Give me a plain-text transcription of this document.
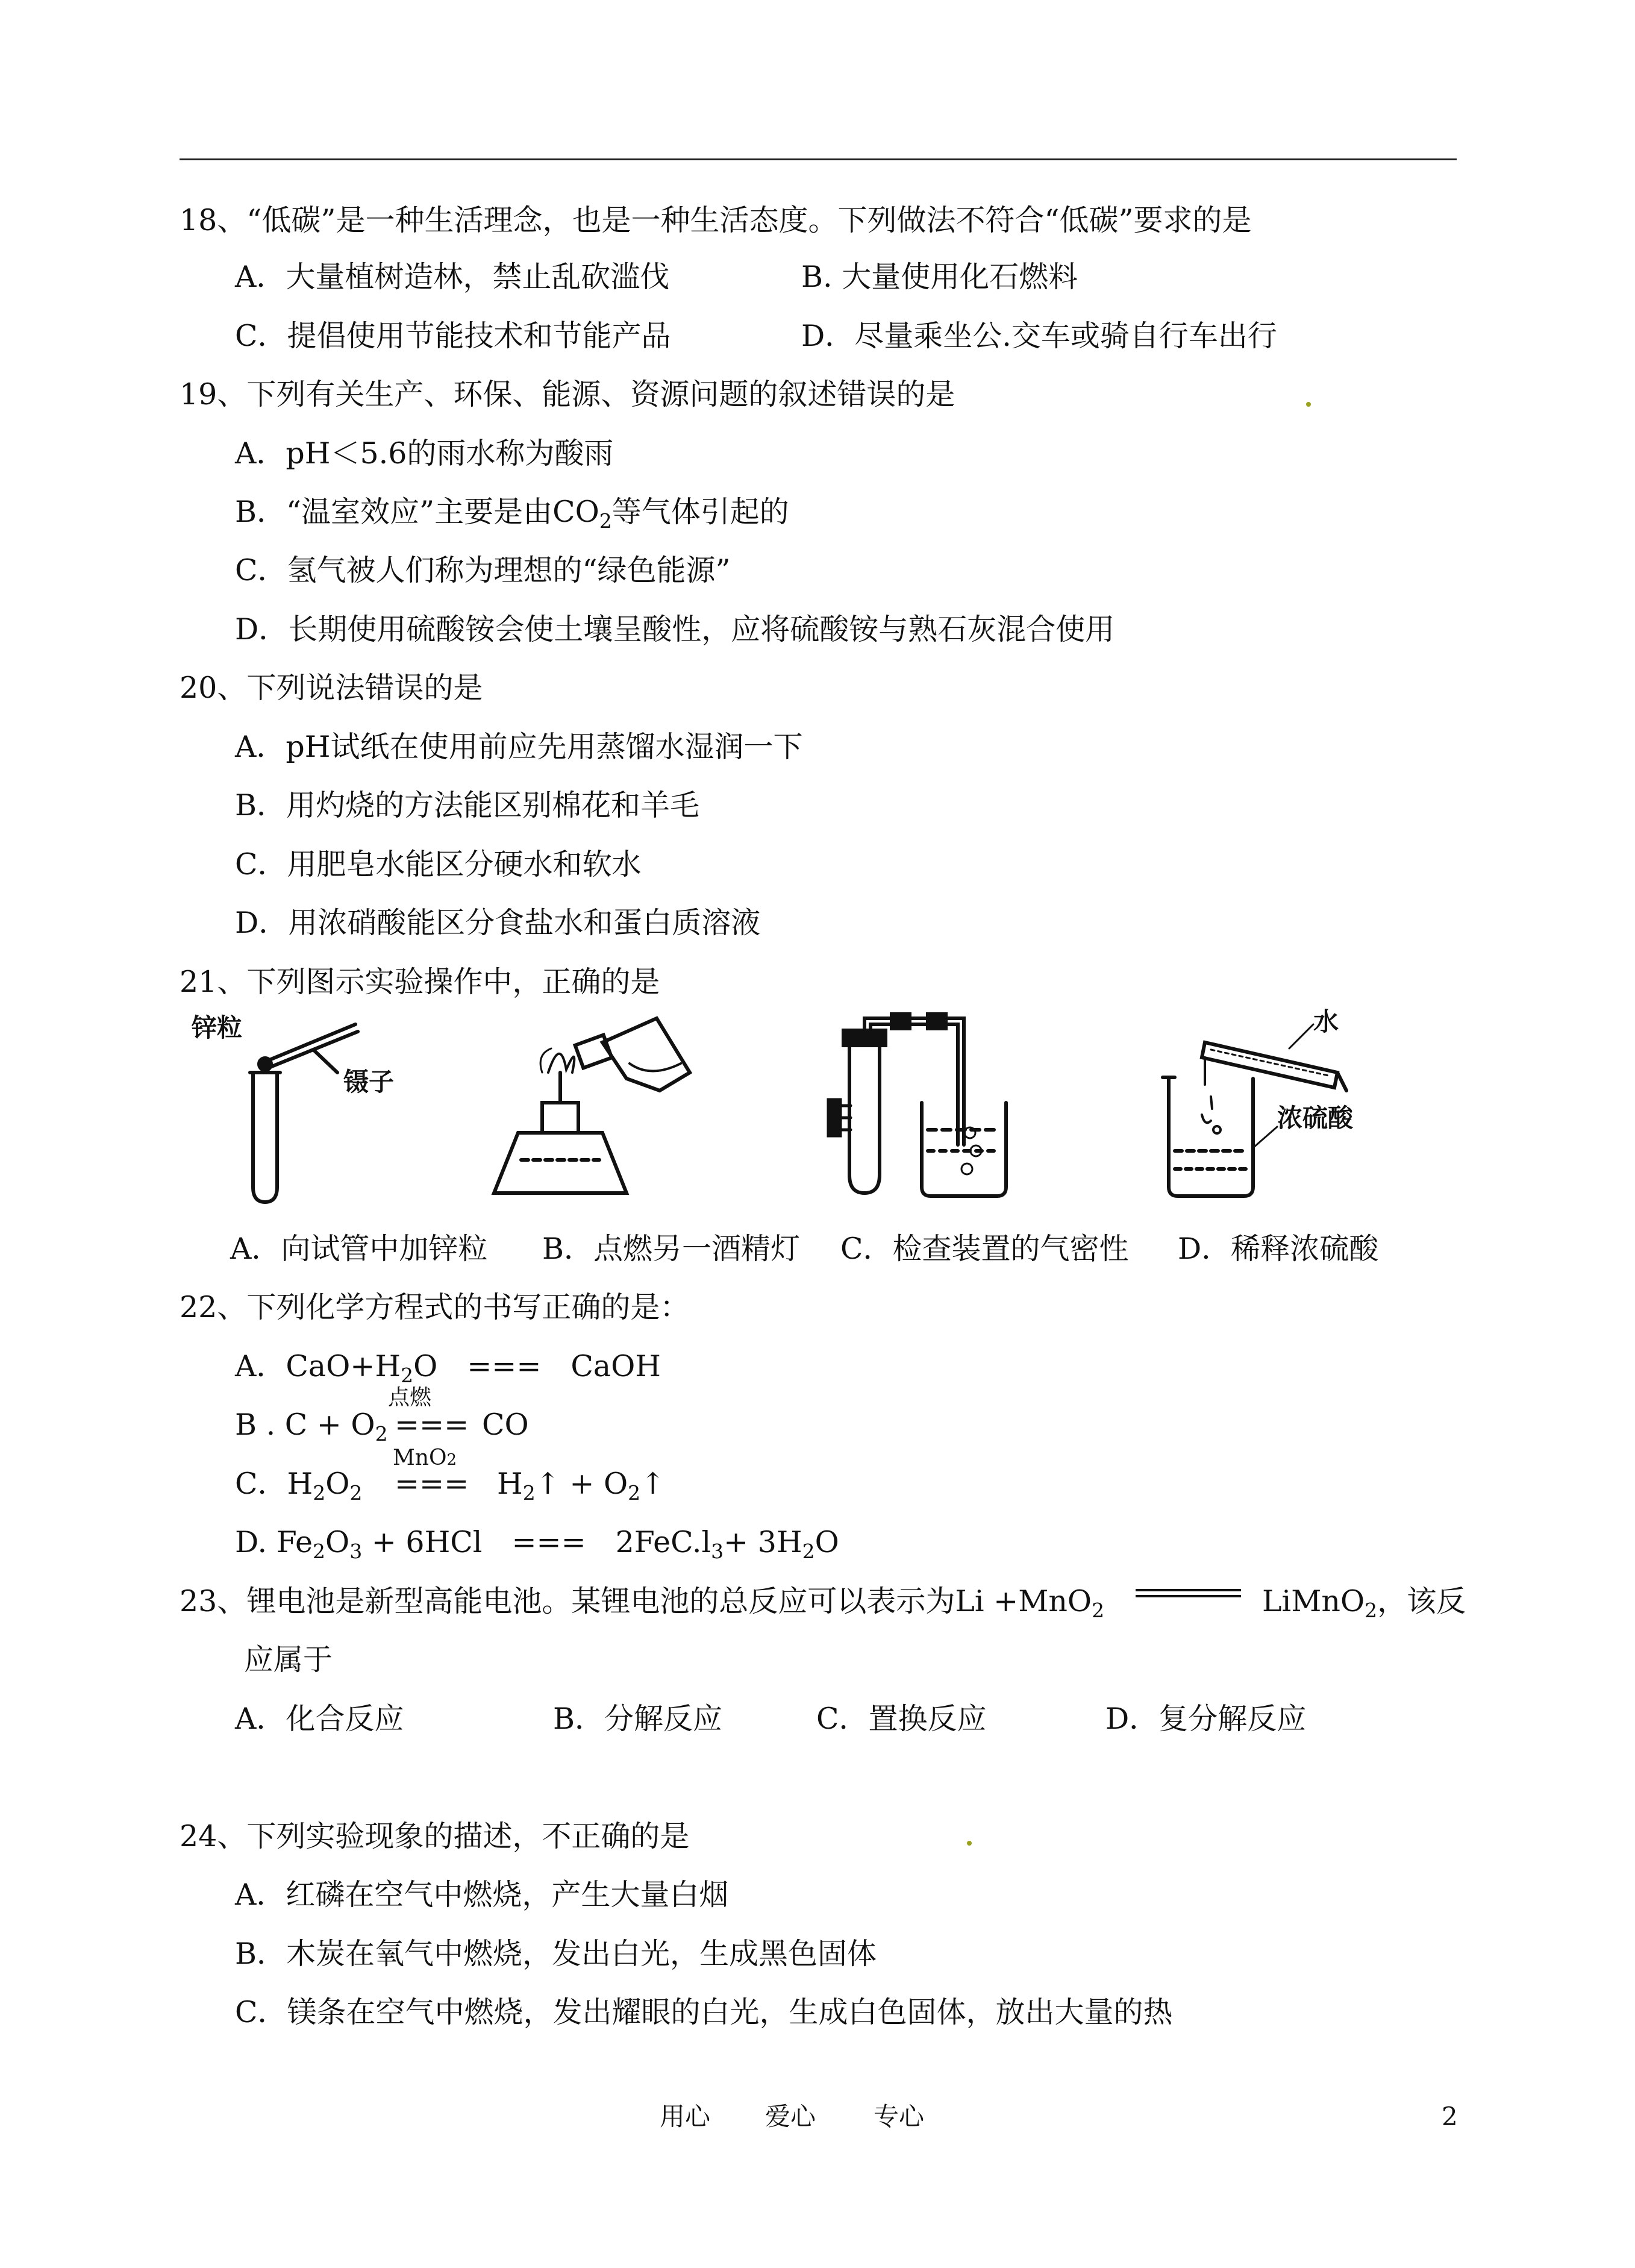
18、“低碳”是一种生活理念，也是一种生活态度。下列做法不符合“低碳”要求的是
A．大量植树造林，禁止乱砍滥伐	B. 大量使用化石燃料
C．提倡使用节能技术和节能产品	D．尽量乘坐公.交车或骑自行车出行
19、下列有关生产、环保、能源、资源问题的叙述错误的是
A．pH＜5.6的雨水称为酸雨
B．“温室效应”主要是由$CO_2$等气体引起的
C．氢气被人们称为理想的“绿色能源”
D．长期使用硫酸铵会使土壤呈酸性，应将硫酸铵与熟石灰混合使用
20、下列说法错误的是
A．pH试纸在使用前应先用蒸馏水湿润一下
B．用灼烧的方法能区别棉花和羊毛
C．用肥皂水能区分硬水和软水
D．用浓硝酸能区分食盐水和蛋白质溶液
21、下列图示实验操作中，正确的是
锌粒
镊子
水
浓硫酸
A．向试管中加锌粒 B．点燃另一酒精灯 C．检查装置的气密性 D．稀释浓硫酸
22、下列化学方程式的书写正确的是：
A．$CaO+H_2O$　===　CaOH
B . $C + O_2$
点燃
=== CO
C．$H_2O_2$
MnO2
=== $H_2↑$ + $O_2↑$
D. $Fe_2O_3 + 6HCl$　===　$2FeC.l_3+ 3H_2O$
23、锂电池是新型高能电池。某锂电池的总反应可以表示为Li +MnO$_2$	LiMnO$_2$，该反
应属于
A．化合反应	B．分解反应	C．置换反应	D．复分解反应
24、下列实验现象的描述，不正确的是
A．红磷在空气中燃烧，产生大量白烟
B．木炭在氧气中燃烧，发出白光，生成黑色固体
C．镁条在空气中燃烧，发出耀眼的白光，生成白色固体，放出大量的热
用心 爱心 专心	2
